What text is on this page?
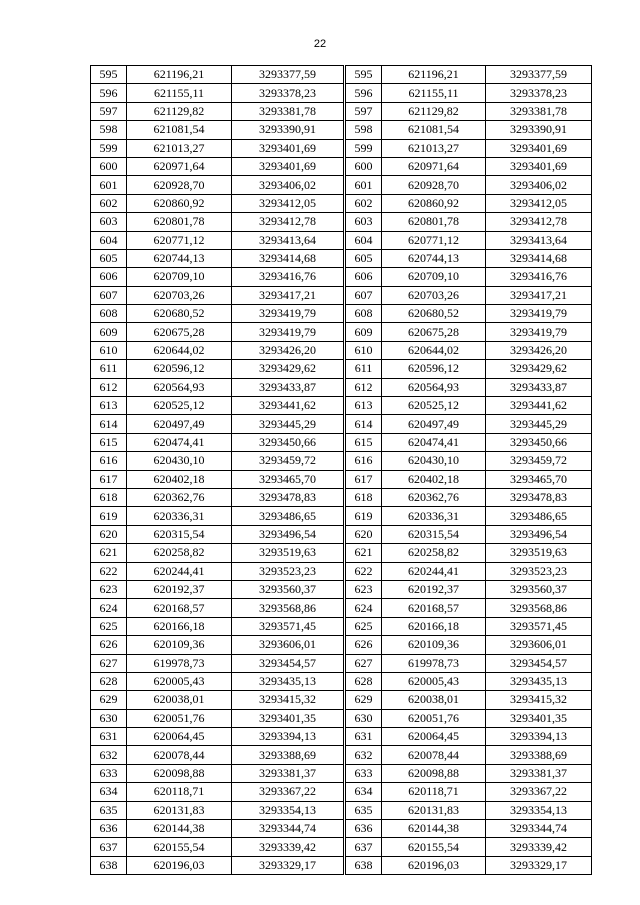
22
595	621196,21	3293377,59
596	621155,11	3293378,23
597	621129,82	3293381,78
598	621081,54	3293390,91
599	621013,27	3293401,69
600	620971,64	3293401,69
601	620928,70	3293406,02
602	620860,92	3293412,05
603	620801,78	3293412,78
604	620771,12	3293413,64
605	620744,13	3293414,68
606	620709,10	3293416,76
607	620703,26	3293417,21
608	620680,52	3293419,79
609	620675,28	3293419,79
610	620644,02	3293426,20
611	620596,12	3293429,62
612	620564,93	3293433,87
613	620525,12	3293441,62
614	620497,49	3293445,29
615	620474,41	3293450,66
616	620430,10	3293459,72
617	620402,18	3293465,70
618	620362,76	3293478,83
619	620336,31	3293486,65
620	620315,54	3293496,54
621	620258,82	3293519,63
622	620244,41	3293523,23
623	620192,37	3293560,37
624	620168,57	3293568,86
625	620166,18	3293571,45
626	620109,36	3293606,01
627	619978,73	3293454,57
628	620005,43	3293435,13
629	620038,01	3293415,32
630	620051,76	3293401,35
631	620064,45	3293394,13
632	620078,44	3293388,69
633	620098,88	3293381,37
634	620118,71	3293367,22
635	620131,83	3293354,13
636	620144,38	3293344,74
637	620155,54	3293339,42
638	620196,03	3293329,17
595	621196,21	3293377,59
596	621155,11	3293378,23
597	621129,82	3293381,78
598	621081,54	3293390,91
599	621013,27	3293401,69
600	620971,64	3293401,69
601	620928,70	3293406,02
602	620860,92	3293412,05
603	620801,78	3293412,78
604	620771,12	3293413,64
605	620744,13	3293414,68
606	620709,10	3293416,76
607	620703,26	3293417,21
608	620680,52	3293419,79
609	620675,28	3293419,79
610	620644,02	3293426,20
611	620596,12	3293429,62
612	620564,93	3293433,87
613	620525,12	3293441,62
614	620497,49	3293445,29
615	620474,41	3293450,66
616	620430,10	3293459,72
617	620402,18	3293465,70
618	620362,76	3293478,83
619	620336,31	3293486,65
620	620315,54	3293496,54
621	620258,82	3293519,63
622	620244,41	3293523,23
623	620192,37	3293560,37
624	620168,57	3293568,86
625	620166,18	3293571,45
626	620109,36	3293606,01
627	619978,73	3293454,57
628	620005,43	3293435,13
629	620038,01	3293415,32
630	620051,76	3293401,35
631	620064,45	3293394,13
632	620078,44	3293388,69
633	620098,88	3293381,37
634	620118,71	3293367,22
635	620131,83	3293354,13
636	620144,38	3293344,74
637	620155,54	3293339,42
638	620196,03	3293329,17
